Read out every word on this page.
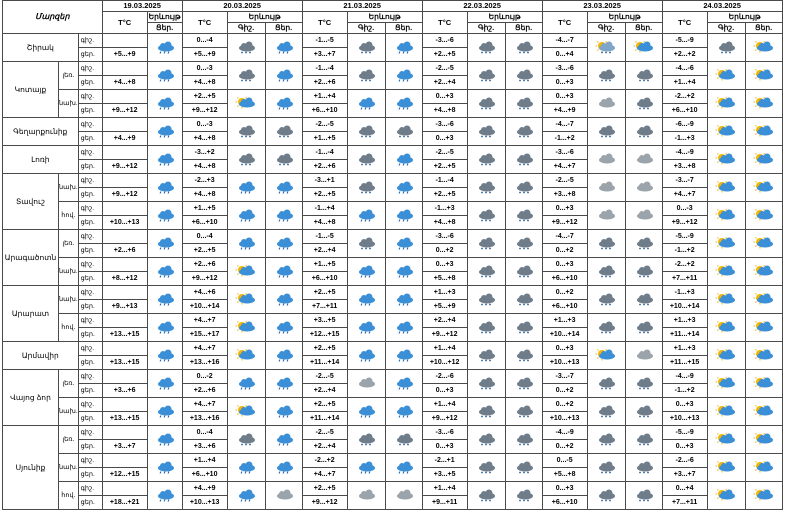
Մարզեր			19.03.2025		20.03.2025			21.03.2025			22.03.2025			23.03.2025			24.03.2025		
			T°C	Երևույթ	T°C	Երևույթ		T°C	Երևույթ		T°C	Երևույթ		T°C	Երևույթ		T°C	Երևույթ	
				Ցեր.		Գիշ.	Ցեր.		Գիշ.	Ցեր.		Գիշ.	Ցեր.		Գիշ.	Ցեր.		Գիշ.	Ցեր.
Շիրակ		գիշ.			0...-4			-1...-5			-3...-6			-4...-7			-5...-9	

		ցեր.	+5...+9		+5...+9			+3...+7			+2...+5			0...+4			+2...+2		
Կոտայք	լեռ.	գիշ.			0...-3			-1...-4			-2...-5			-3...-6			-4...-6	

		ցեր.	+4...+8		+4...+8			+2...+6			+2...+4			0...+3			+1...+4		
	նախ.	գիշ.			+2...+5			+1...+4			0...+3			0...+3			-2...+2	

		ցեր.	+9...+12		+9...+12			+6...+10			+4...+8			+4...+9			+6...+10		
Գեղարքունիք		գիշ.			0...-3			-2...-5			-3...-6			-4...-7			-6...-9	

		ցեր.	+4...+9		+4...+8			+1...+5			0...+3			-1...+2			-1...+3		
Լոռի		գիշ.			-3...+2			-1...-4			-2...-5			-3...-6			-4...-9	

		ցեր.	+9...+12		+4...+8			+2...+6			+2...+5			+4...+7			+3...+8		
Տավուշ	նախ.	գիշ.			-2...+3			-3...+1			-1...-4			-2...-5			-3...-7	

		ցեր.	+9...+12		+4...+8			+2...+5			+2...+5			+3...+8			+4...+7		
	հով.	գիշ.			+1...+5			-1...+4			-1...+3			0...+3			0...-3	

		ցեր.	+10...+13		+6...+10			+4...+8			+4...+8			+9...+12			+9...+12		
Արագածոտն	լեռ.	գիշ.			0...-4			-1...-5			-3...-6			-4...-7			-5...-9	

		ցեր.	+2...+6		+2...+5			+2...+4			0...+2			0...+2			-1...+2		
	նախ.	գիշ.			+2...+6			+1...+5			0...+3			0...+3			-2...+2	

		ցեր.	+8...+12		+9...+12			+6...+10			+5...+8			+6...+10			+7...+11		
Արարատ	նախ.	գիշ.			+4...+6			+2...+5			+1...+3			0...+2			-1...+3	

		ցեր.	+9...+13		+10...+14			+7...+11			+5...+9			+6...+10			+10...+14		
	հով.	գիշ.			+4...+7			+3...+5			+2...+4			+1...+3			+1...+3	

		ցեր.	+13...+15		+15...+17			+12...+15			+9...+12			+10...+14			+11...+14		
Արմավիր		գիշ.			+4...+7			+2...+5			+1...+4			0...+3			+1...+3	

		ցեր.	+13...+15		+13...+16			+11...+14			+10...+12			+10...+13			+11...+15		
Վայոց ձոր	լեռ.	գիշ.			0...-2			-2...-5			-2...-6			-3...-7			-4...-9	

		ցեր.	+3...+6		+2...+6			+2...+4			0...+3			0...+2			-1...+2		
	նախ.	գիշ.			+4...+7			+2...+5			+1...+4			0...+2			0...+3	

		ցեր.	+13...+15		+13...+16			+11...+14			+9...+12			+10...+13			+10...+13		
Սյունիք	լեռ.	գիշ.			0...-4			-2...-5			-3...-6			-4...-9			-5...-9	

		ցեր.	+3...+7		+3...+6			+2...+4			0...+3			0...+2			0...+3		
	նախ.	գիշ.			+1...+4			-2...+2			-2...+1			0...-5			-2...-6	

		ցեր.	+12...+15		+6...+10			+4...+7			+3...+5			+5...+8			+3...+7		
	հով.	գիշ.			+4...+9			+2...+5			+1...+4			0...+3			0...+4	

		ցեր.	+18...+21		+10...+13			+9...+12			+9...+11			+6...+10			+7...+11		
